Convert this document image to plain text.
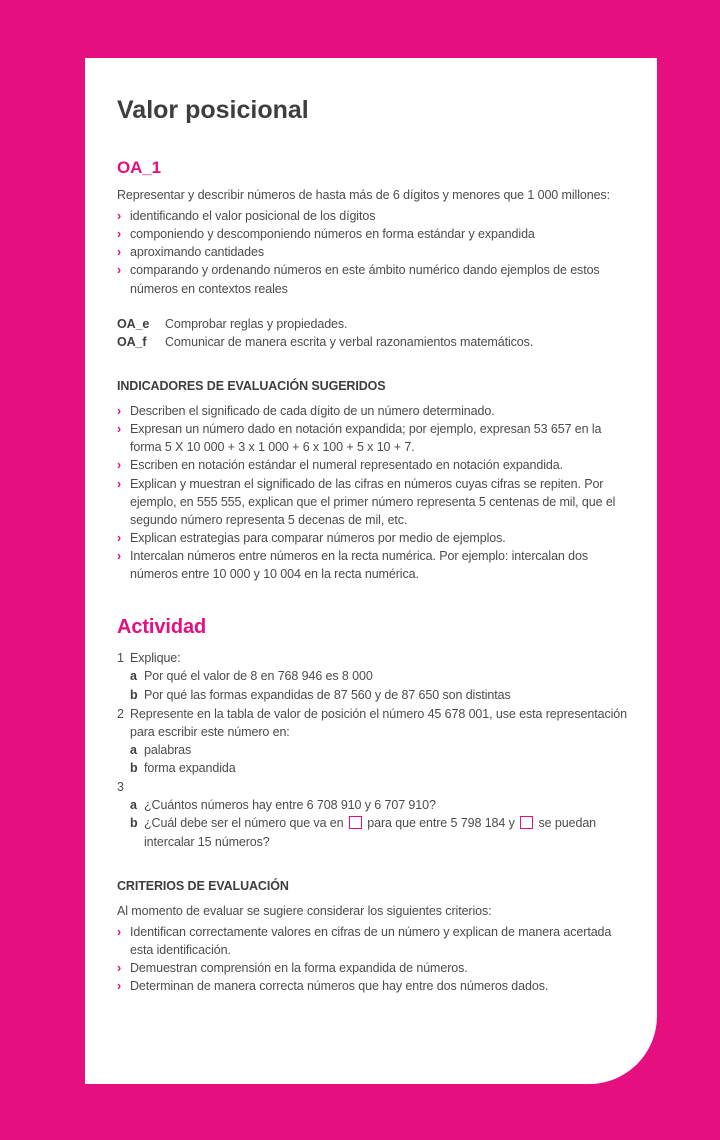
Valor posicional
OA_1

Representar y describir números de hasta más de 6 dígitos y menores que 1 000 millones:

› identificando el valor posicional de los dígitos
› componiendo y descomponiendo números en forma estándar y expandida
› aproximando cantidades
› comparando y ordenando números en este ámbito numérico dando ejemplos de estos números en contextos reales
OA_e	Comprobar reglas y propiedades.
OA_f	Comunicar de manera escrita y verbal razonamientos matemáticos.
INDICADORES DE EVALUACIÓN SUGERIDOS
› Describen el significado de cada dígito de un número determinado.
› Expresan un número dado en notación expandida; por ejemplo, expresan 53 657 en la forma 5 X 10 000 + 3 x 1 000 + 6 x 100 + 5 x 10 + 7.
› Escriben en notación estándar el numeral representado en notación expandida.
› Explican y muestran el significado de las cifras en números cuyas cifras se repiten. Por ejemplo, en 555 555, explican que el primer número representa 5 centenas de mil, que el segundo número representa 5 decenas de mil, etc.
› Explican estrategias para comparar números por medio de ejemplos.
› Intercalan números entre números en la recta numérica. Por ejemplo: intercalan dos números entre 10 000 y 10 004 en la recta numérica.
Actividad
1 Explique:
a Por qué el valor de 8 en 768 946 es 8 000
b Por qué las formas expandidas de 87 560 y de 87 650 son distintas
2 Represente en la tabla de valor de posición el número 45 678 001, use esta representación para escribir este número en:
a palabras
b forma expandida
3
a ¿Cuántos números hay entre 6 708 910 y 6 707 910?
b ¿Cuál debe ser el número que va en para que entre 5 798 184 y se puedan intercalar 15 números?
CRITERIOS DE EVALUACIÓN

Al momento de evaluar se sugiere considerar los siguientes criterios:

› Identifican correctamente valores en cifras de un número y explican de manera acertada esta identificación.
› Demuestran comprensión en la forma expandida de números.
› Determinan de manera correcta números que hay entre dos números dados.
